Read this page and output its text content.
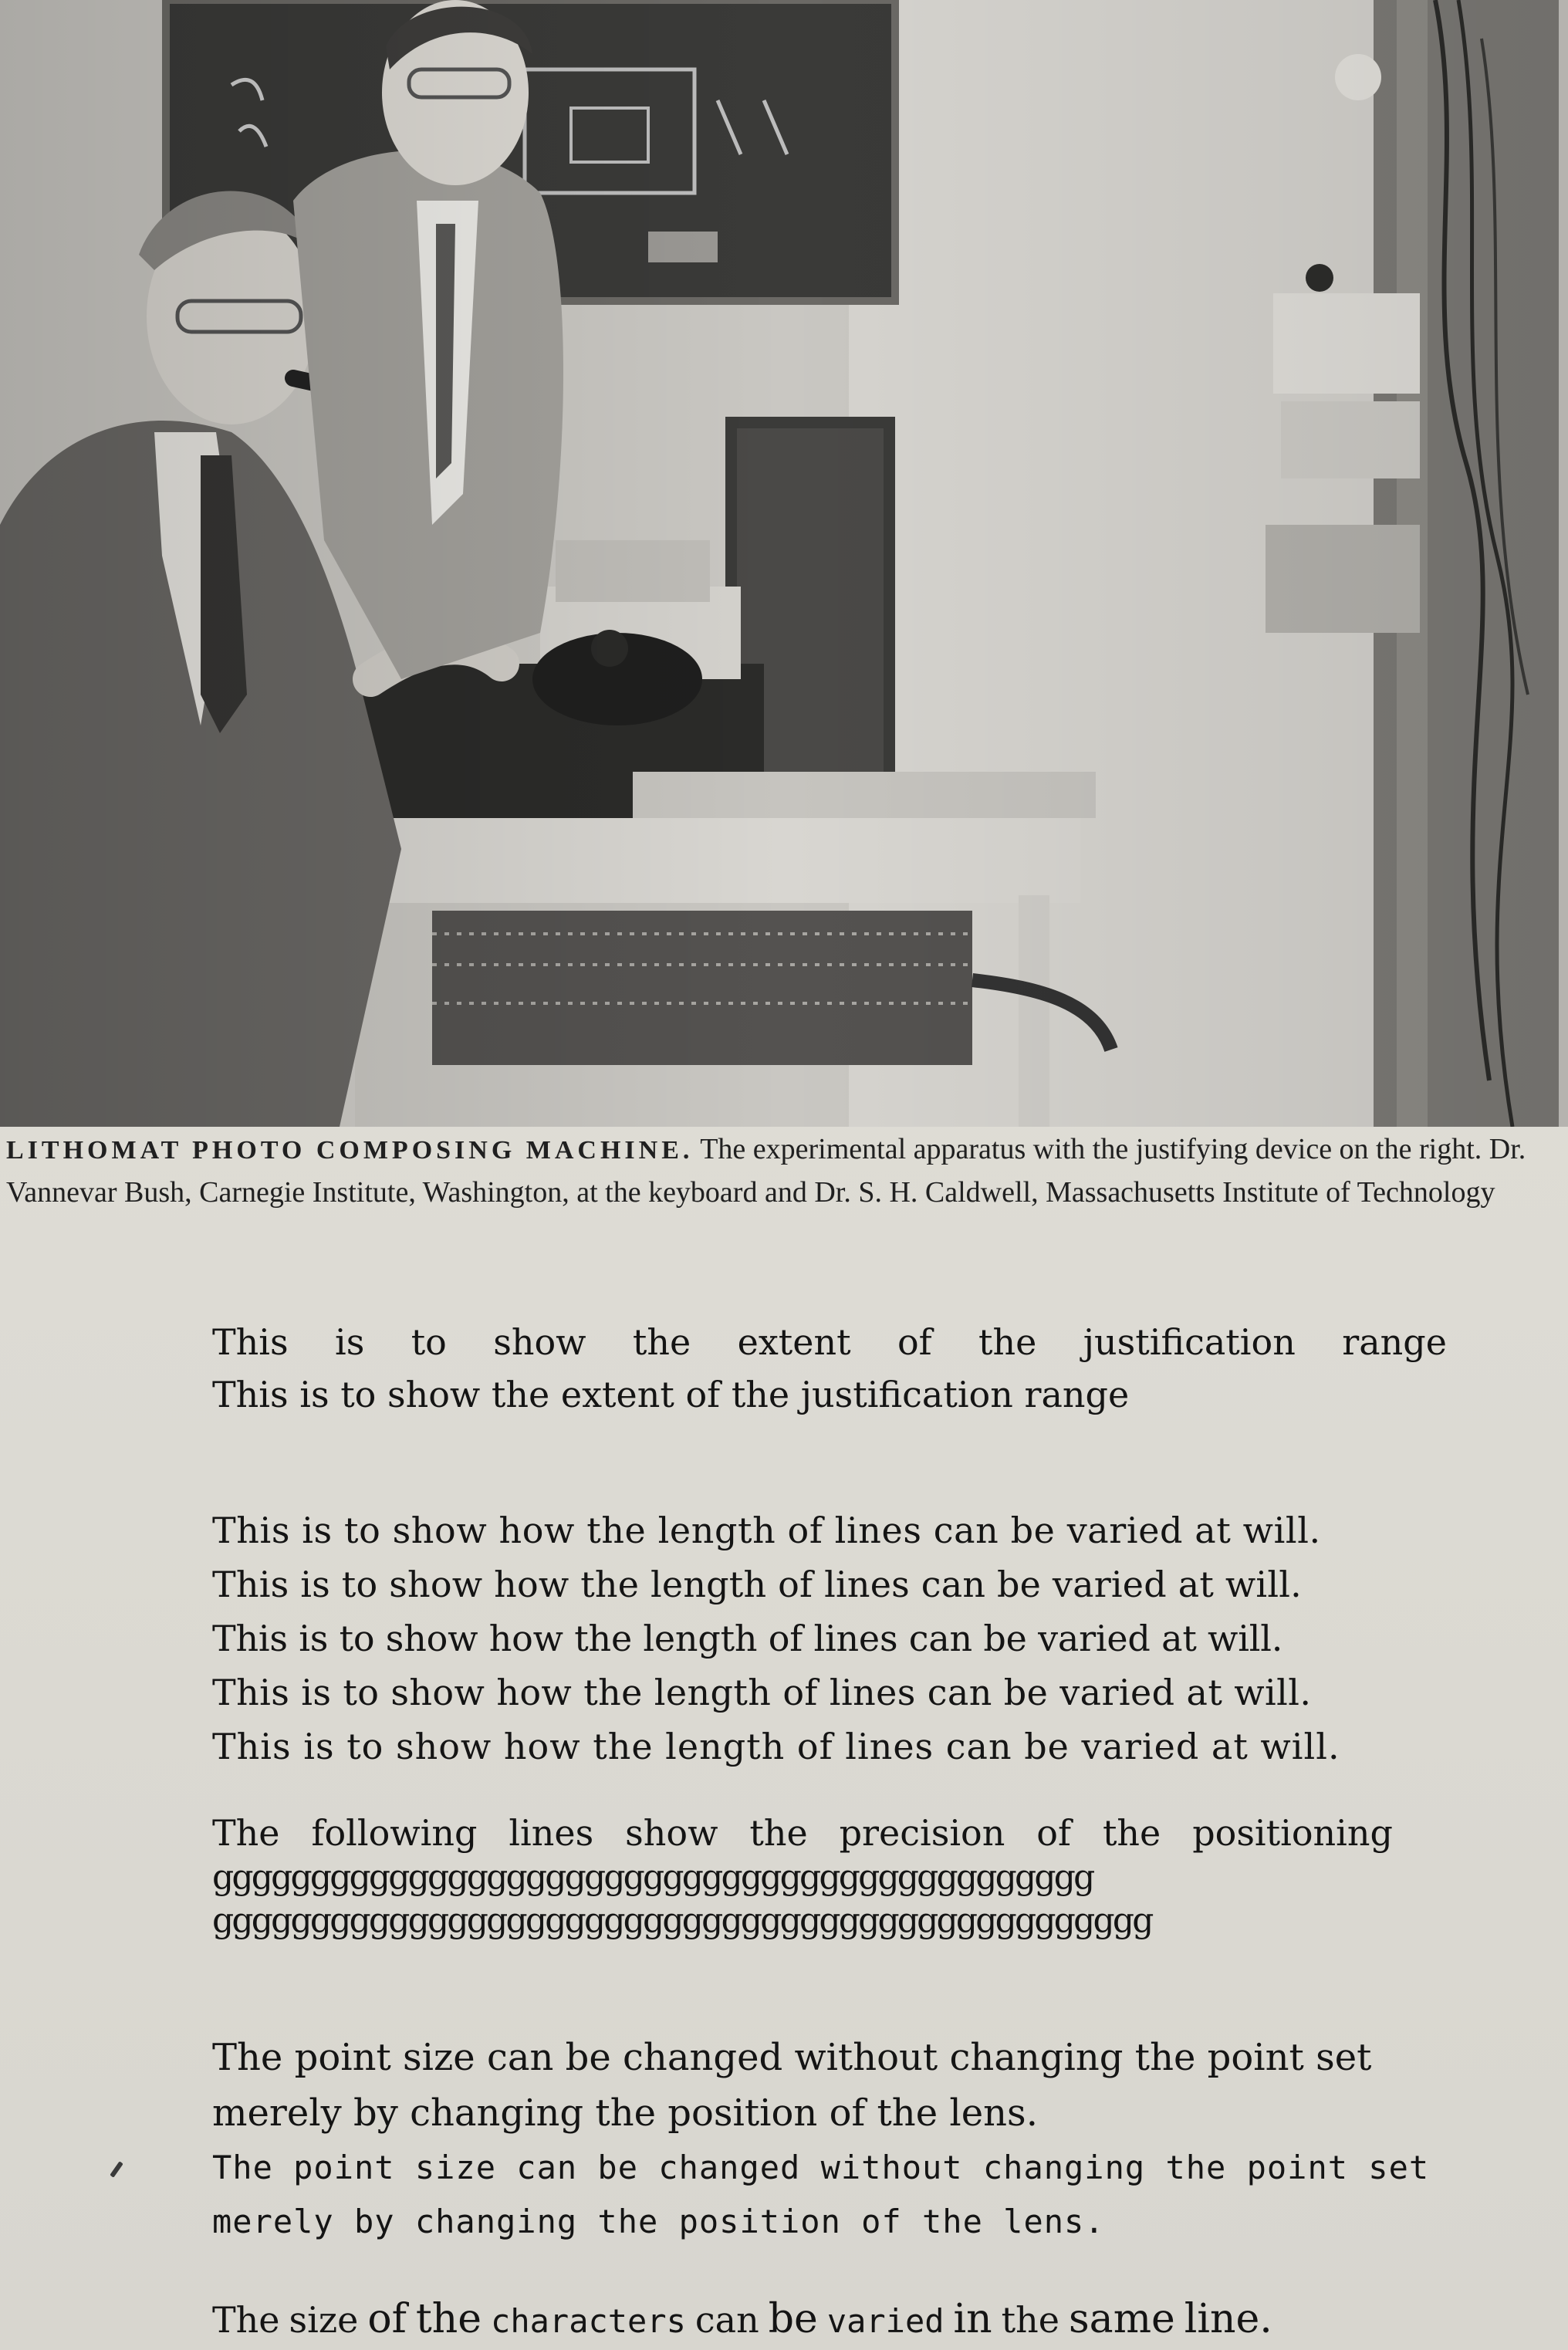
LITHOMAT PHOTO COMPOSING MACHINE. The experimental apparatus with the justifying device on the right. Dr. Vannevar Bush, Carnegie Institute, Washington, at the keyboard and Dr. S. H. Caldwell, Massachusetts Institute of Technology
This is to show the extent of the justification range
This is to show the extent of the justification range
This is to show how the length of lines can be varied at will.
This is to show how the length of lines can be varied at will.
This is to show how the length of lines can be varied at will.
This is to show how the length of lines can be varied at will.
This is to show how the length of lines can be varied at will.
The following lines show the precision of the positioning
ggggggggggggggggggggggggggggggggggggggggggggg
gggggggggggggggggggggggggggggggggggggggggggggggg
The point size can be changed without changing the point set
merely by changing the position of the lens.
The point size can be changed without changing the point set
merely by changing the position of the lens.
The size of the characters can be varied in the same line.
